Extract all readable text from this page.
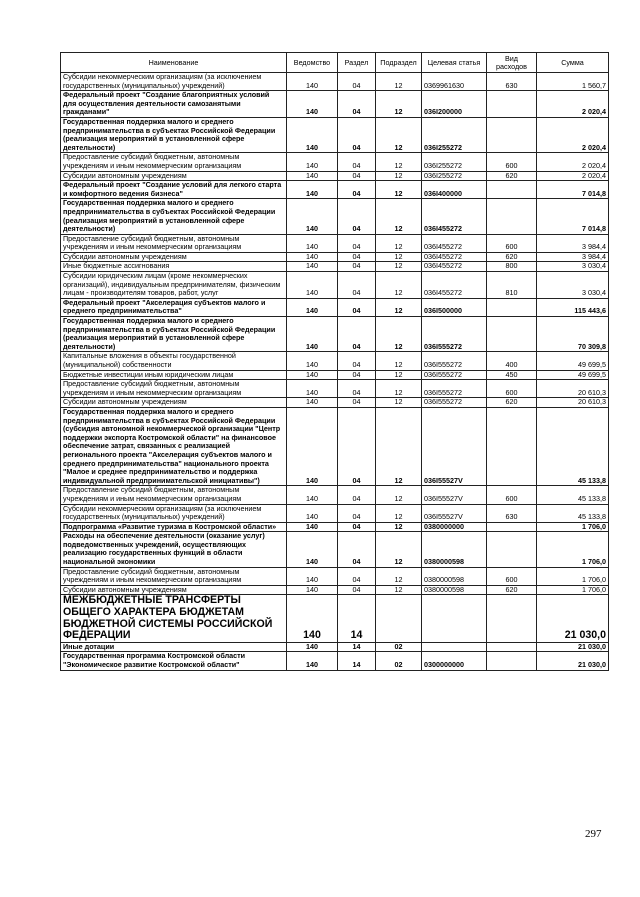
Наименование	Ведомство	Раздел	Подраздел	Целевая статья	Вид расходов	Сумма
Субсидии некоммерческим организациям (за исключением государственных (муниципальных) учреждений)	140	04	12	0369961630	630	1 560,7
Федеральный проект "Создание благоприятных условий для осуществления деятельности самозанятыми гражданами"	140	04	12	036I200000		2 020,4
Государственная поддержка малого и среднего предпринимательства в субъектах Российской Федерации (реализация мероприятий в установленной сфере деятельности)	140	04	12	036I255272		2 020,4
Предоставление субсидий бюджетным, автономным учреждениям и иным некоммерческим организациям	140	04	12	036I255272	600	2 020,4
Субсидии автономным учреждениям	140	04	12	036I255272	620	2 020,4
Федеральный проект "Создание условий для легкого старта и комфортного ведения бизнеса"	140	04	12	036I400000		7 014,8
Государственная поддержка малого и среднего предпринимательства в субъектах Российской Федерации (реализация мероприятий в установленной сфере деятельности)	140	04	12	036I455272		7 014,8
Предоставление субсидий бюджетным, автономным учреждениям и иным некоммерческим организациям	140	04	12	036I455272	600	3 984,4
Субсидии автономным учреждениям	140	04	12	036I455272	620	3 984,4
Иные бюджетные ассигнования	140	04	12	036I455272	800	3 030,4
Субсидии юридическим лицам (кроме некоммерческих организаций), индивидуальным предпринимателям, физическим лицам - производителям товаров, работ, услуг	140	04	12	036I455272	810	3 030,4
Федеральный проект "Акселерация субъектов малого и среднего предпринимательства"	140	04	12	036I500000		115 443,6
Государственная поддержка малого и среднего предпринимательства в субъектах Российской Федерации (реализация мероприятий в установленной сфере деятельности)	140	04	12	036I555272		70 309,8
Капитальные вложения в объекты государственной (муниципальной) собственности	140	04	12	036I555272	400	49 699,5
Бюджетные инвестиции иным юридическим лицам	140	04	12	036I555272	450	49 699,5
Предоставление субсидий бюджетным, автономным учреждениям и иным некоммерческим организациям	140	04	12	036I555272	600	20 610,3
Субсидии автономным учреждениям	140	04	12	036I555272	620	20 610,3
Государственная поддержка малого и среднего предпринимательства в субъектах Российской Федерации (субсидия автономной некоммерческой организации "Центр поддержки экспорта Костромской области" на финансовое обеспечение затрат, связанных с реализацией регионального проекта "Акселерация субъектов малого и среднего предпринимательства" национального проекта "Малое и среднее предпринимательство и поддержка индивидуальной предпринимательской инициативы")	140	04	12	036I55527V		45 133,8
Предоставление субсидий бюджетным, автономным учреждениям и иным некоммерческим организациям	140	04	12	036I55527V	600	45 133,8
Субсидии некоммерческим организациям (за исключением государственных (муниципальных) учреждений)	140	04	12	036I55527V	630	45 133,8
Подпрограмма «Развитие туризма в Костромской области»	140	04	12	0380000000		1 706,0
Расходы на обеспечение деятельности (оказание услуг) подведомственных учреждений, осуществляющих реализацию государственных функций в области национальной экономики	140	04	12	0380000598		1 706,0
Предоставление субсидий бюджетным, автономным учреждениям и иным некоммерческим организациям	140	04	12	0380000598	600	1 706,0
Субсидии автономным учреждениям	140	04	12	0380000598	620	1 706,0
МЕЖБЮДЖЕТНЫЕ ТРАНСФЕРТЫ ОБЩЕГО ХАРАКТЕРА БЮДЖЕТАМ БЮДЖЕТНОЙ СИСТЕМЫ РОССИЙСКОЙ ФЕДЕРАЦИИ	140	14				21 030,0
Иные дотации	140	14	02			21 030,0
Государственная программа Костромской области "Экономическое развитие Костромской области"	140	14	02	0300000000		21 030,0
297
